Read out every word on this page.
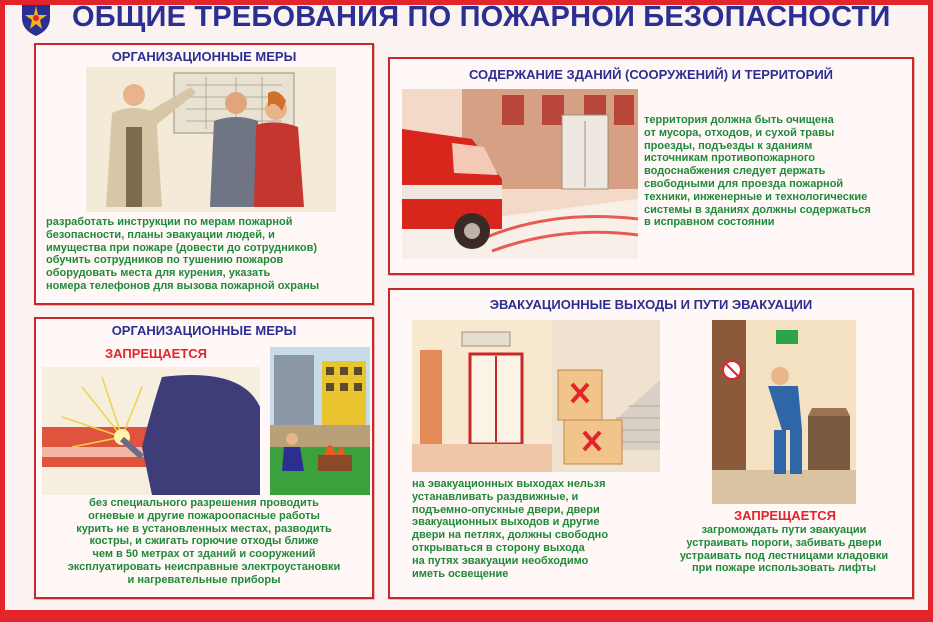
ОБЩИЕ ТРЕБОВАНИЯ ПО ПОЖАРНОЙ БЕЗОПАСНОСТИ
ОРГАНИЗАЦИОННЫЕ МЕРЫ
разработать инструкции по мерам пожарной
безопасности, планы эвакуации людей, и
имущества при пожаре (довести до сотрудников)
обучить сотрудников по тушению пожаров
оборудовать места для курения, указать
номера телефонов для вызова пожарной охраны
СОДЕРЖАНИЕ ЗДАНИЙ (СООРУЖЕНИЙ) И ТЕРРИТОРИЙ
территория должна быть очищена
от мусора, отходов, и сухой травы
проезды, подъезды к зданиям
источникам противопожарного
водоснабжения следует держать
свободными для проезда пожарной
техники, инженерные и технологические
системы в зданиях должны содержаться
в исправном состоянии
ОРГАНИЗАЦИОННЫЕ МЕРЫ
ЗАПРЕЩАЕТСЯ
без специального разрешения проводить
огневые и другие пожароопасные работы
курить не в установленных местах, разводить
костры, и сжигать горючие отходы ближе
чем в 50 метрах от зданий и сооружений
эксплуатировать неисправные электроустановки
и нагревательные приборы
ЭВАКУАЦИОННЫЕ ВЫХОДЫ И ПУТИ ЭВАКУАЦИИ
на эвакуационных выходах нельзя
устанавливать раздвижные, и
подъемно-опускные двери, двери
эвакуационных выходов и другие
двери на петлях, должны свободно
открываться в сторону выхода
на путях эвакуации необходимо
иметь освещение
ЗАПРЕЩАЕТСЯ
загромождать пути эвакуации
устраивать пороги, забивать двери
устраивать под лестницами кладовки
при пожаре использовать лифты
ООО «ФЭС» 672012, Забайкальский край, г. Чита, ул. Новобульварная, 36, офис 409; тел. 71-34-34, 57-00-35
